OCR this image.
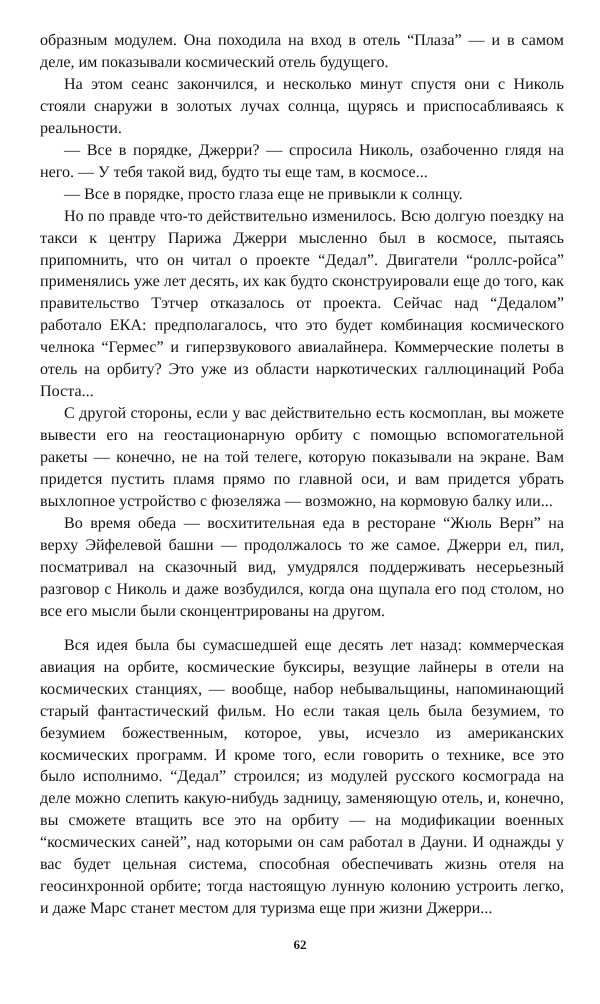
образным модулем. Она походила на вход в отель “Плаза” — и в самом деле, им показывали космический отель будущего.

На этом сеанс закончился, и несколько минут спустя они с Николь стояли снаружи в золотых лучах солнца, щурясь и приспосабливаясь к реальности.

— Все в порядке, Джерри? — спросила Николь, озабоченно глядя на него. — У тебя такой вид, будто ты еще там, в космосе...

— Все в порядке, просто глаза еще не привыкли к солнцу.

Но по правде что-то действительно изменилось. Всю долгую поездку на такси к центру Парижа Джерри мысленно был в космосе, пытаясь припомнить, что он читал о проекте “Дедал”. Двигатели “роллс-ройса” применялись уже лет десять, их как будто сконструировали еще до того, как правительство Тэтчер отказалось от проекта. Сейчас над “Дедалом” работало ЕКА: предполагалось, что это будет комбинация космического челнока “Гермес” и гиперзвукового авиалайнера. Коммерческие полеты в отель на орбиту? Это уже из области наркотических галлюцинаций Роба Поста...

С другой стороны, если у вас действительно есть космоплан, вы можете вывести его на геостационарную орбиту с помощью вспомогательной ракеты — конечно, не на той телеге, которую показывали на экране. Вам придется пустить пламя прямо по главной оси, и вам придется убрать выхлопное устройство с фюзеляжа — возможно, на кормовую балку или...

Во время обеда — восхитительная еда в ресторане “Жюль Верн” на верху Эйфелевой башни — продолжалось то же самое. Джерри ел, пил, посматривал на сказочный вид, умудрялся поддерживать несерьезный разговор с Николь и даже возбудился, когда она щупала его под столом, но все его мысли были сконцентрированы на другом.

Вся идея была бы сумасшедшей еще десять лет назад: коммерческая авиация на орбите, космические буксиры, везущие лайнеры в отели на космических станциях, — вообще, набор небывальщины, напоминающий старый фантастический фильм. Но если такая цель была безумием, то безумием божественным, которое, увы, исчезло из американских космических программ. И кроме того, если говорить о технике, все это было исполнимо. “Дедал” строился; из модулей русского космограда на деле можно слепить какую-нибудь задницу, заменяющую отель, и, конечно, вы сможете втащить все это на орбиту — на модификации военных “космических саней”, над которыми он сам работал в Дауни. И однажды у вас будет цельная система, способная обеспечивать жизнь отеля на геосинхронной орбите; тогда настоящую лунную колонию устроить легко, и даже Марс станет местом для туризма еще при жизни Джерри...

62
